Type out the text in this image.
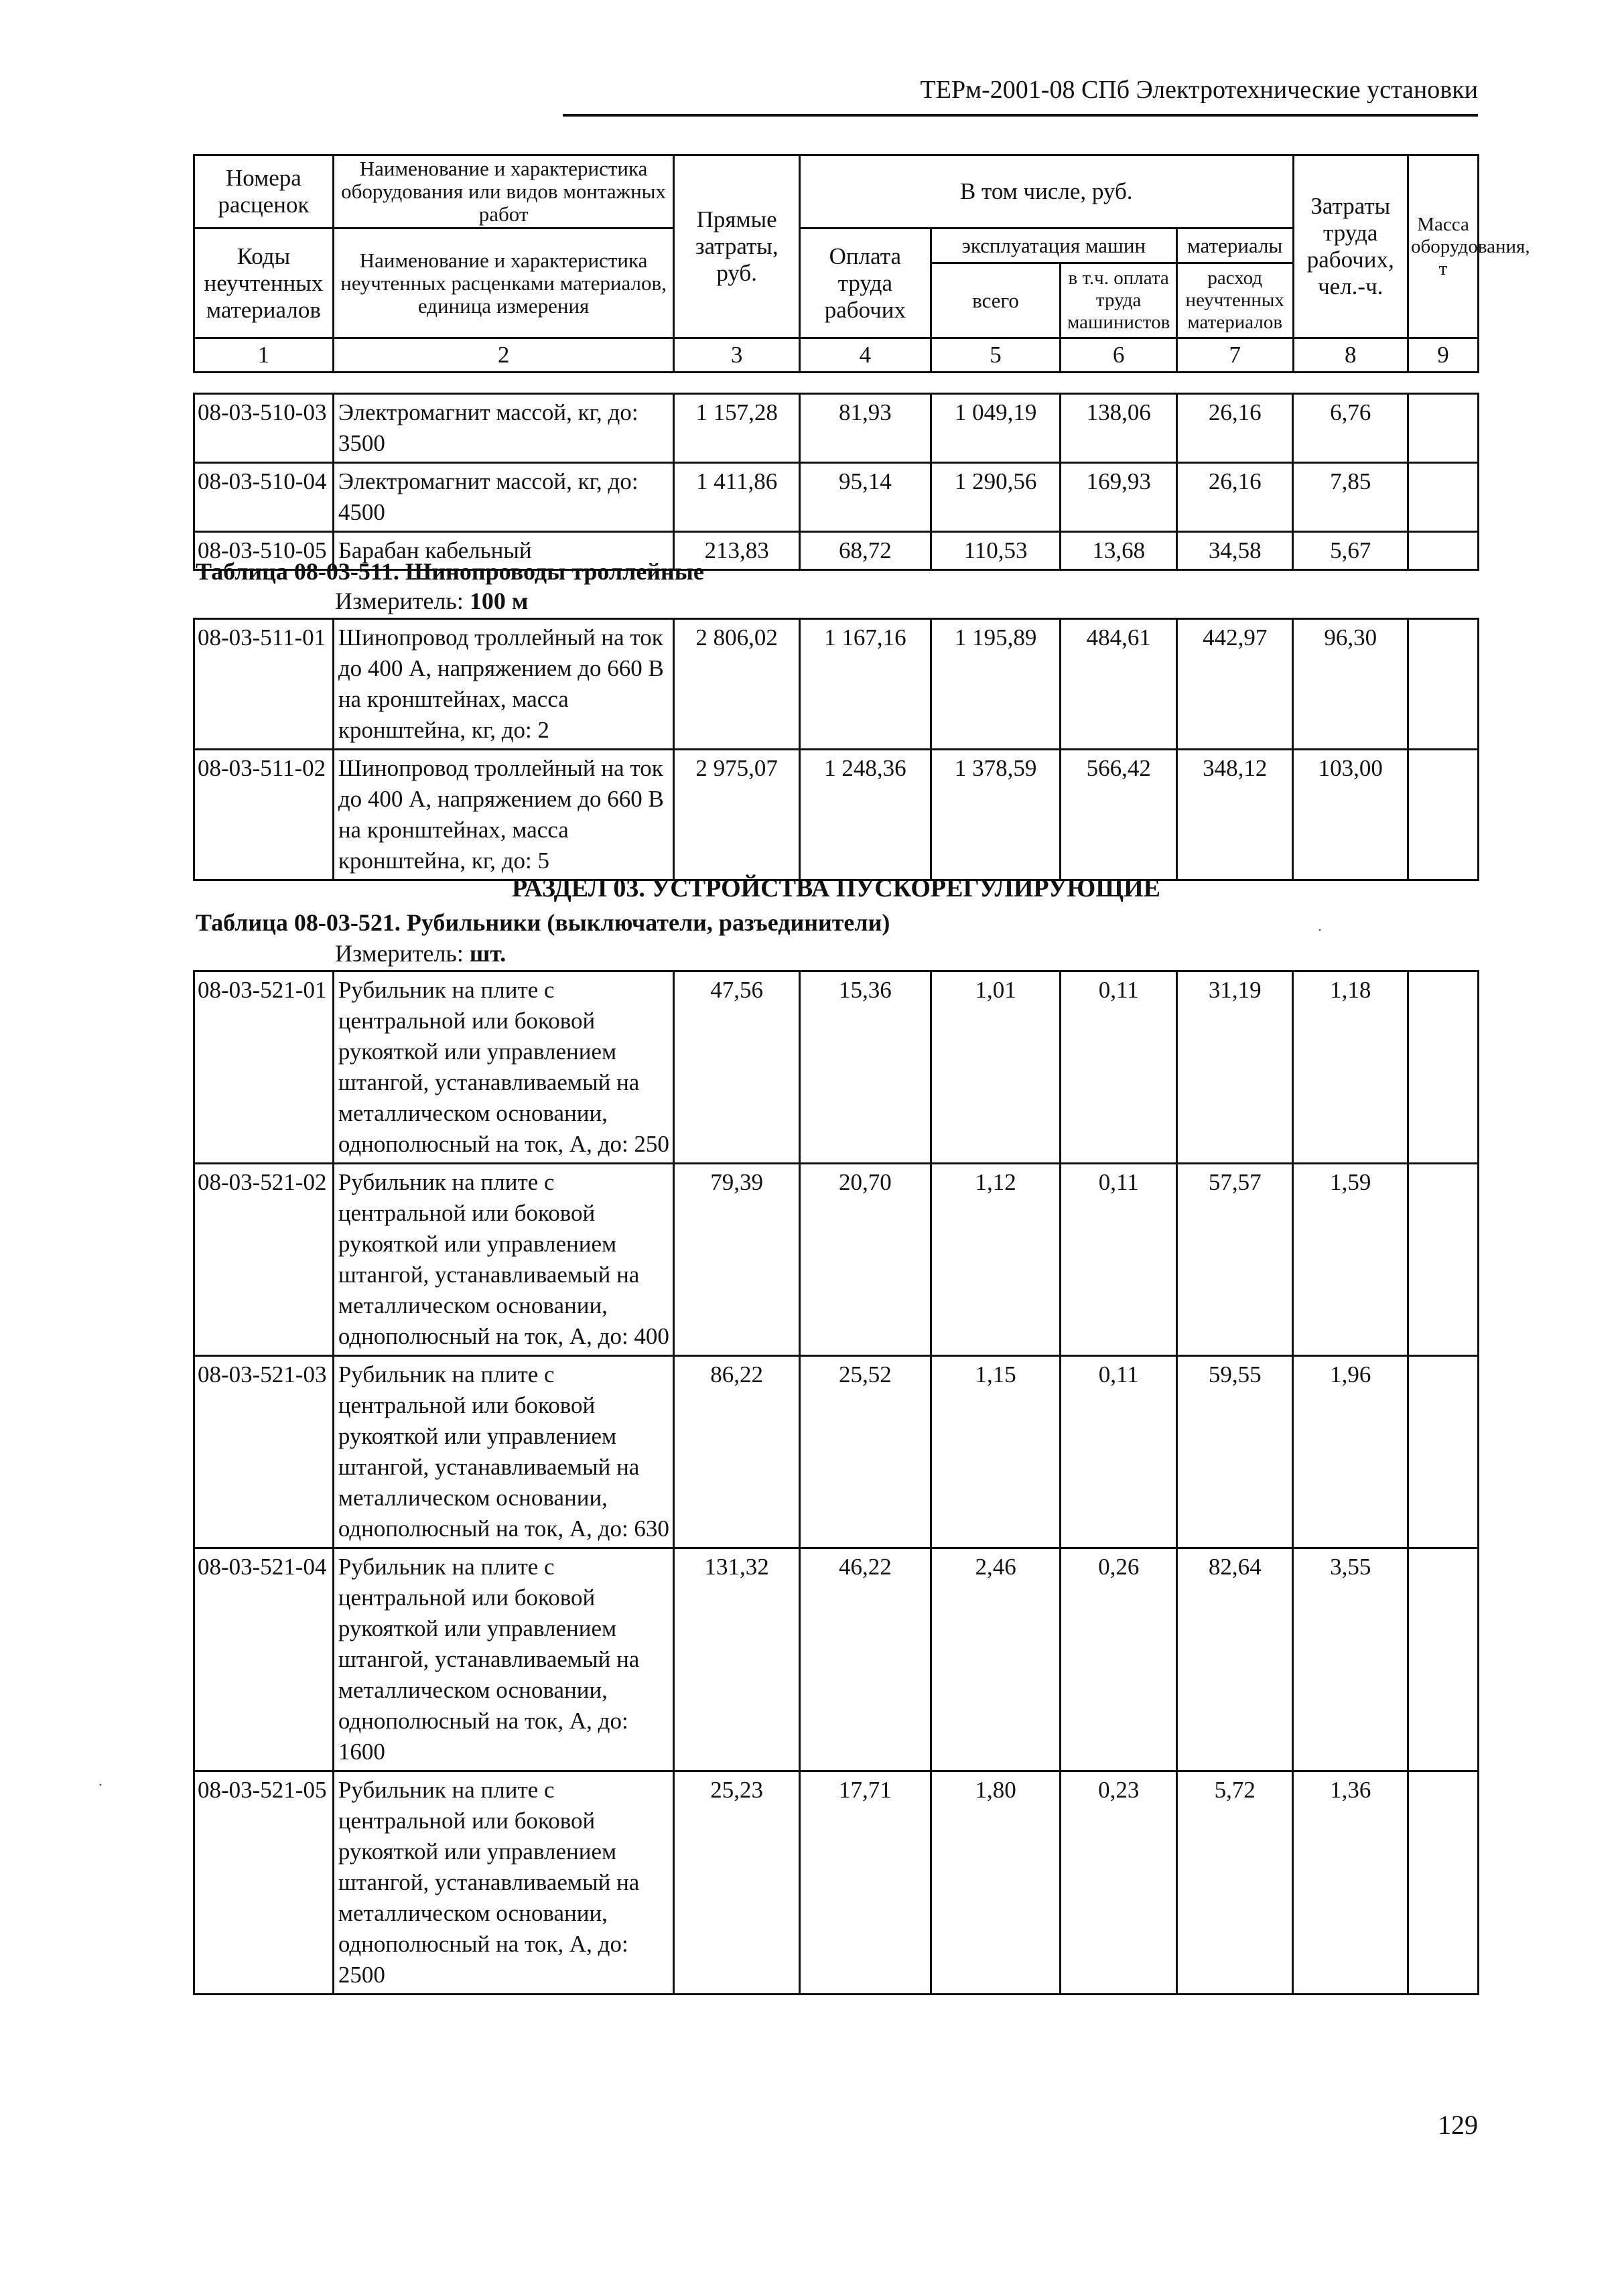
ТЕРм-2001-08 СПб Электротехнические установки
Номера расценок	Наименование и характеристика оборудования или видов монтажных работ	Прямые затраты, руб.	В том числе, руб.				Затраты труда рабочих, чел.-ч.	Масса оборудования, т
Коды неучтенных материалов	Наименование и характеристика неучтенных расценками материалов, единица измерения		Оплата труда рабочих	эксплуатация машин		материалы		
				всего	в т.ч. оплата труда машинистов	расход неучтенных материалов		

1	2	3	4	5	6	7	8	9
08-03-510-03	Электромагнит массой, кг, до: 3500	1 157,28	81,93	1 049,19	138,06	26,16	6,76	
08-03-510-04	Электромагнит массой, кг, до: 4500	1 411,86	95,14	1 290,56	169,93	26,16	7,85	
08-03-510-05	Барабан кабельный	213,83	68,72	110,53	13,68	34,58	5,67	
Таблица 08-03-511. Шинопроводы троллейные
Измеритель: 100 м
08-03-511-01	Шинопровод троллейный на ток до 400 А, напряжением до 660 В на кронштейнах, масса кронштейна, кг, до: 2	2 806,02	1 167,16	1 195,89	484,61	442,97	96,30	
08-03-511-02	Шинопровод троллейный на ток до 400 А, напряжением до 660 В на кронштейнах, масса кронштейна, кг, до: 5	2 975,07	1 248,36	1 378,59	566,42	348,12	103,00	
РАЗДЕЛ 03. УСТРОЙСТВА ПУСКОРЕГУЛИРУЮЩИЕ
Таблица 08-03-521. Рубильники (выключатели, разъединители)
Измеритель: шт.
08-03-521-01	Рубильник на плите с центральной или боковой рукояткой или управлением штангой, устанавливаемый на металлическом основании, однополюсный на ток, А, до: 250	47,56	15,36	1,01	0,11	31,19	1,18	
08-03-521-02	Рубильник на плите с центральной или боковой рукояткой или управлением штангой, устанавливаемый на металлическом основании, однополюсный на ток, А, до: 400	79,39	20,70	1,12	0,11	57,57	1,59	
08-03-521-03	Рубильник на плите с центральной или боковой рукояткой или управлением штангой, устанавливаемый на металлическом основании, однополюсный на ток, А, до: 630	86,22	25,52	1,15	0,11	59,55	1,96	
08-03-521-04	Рубильник на плите с центральной или боковой рукояткой или управлением штангой, устанавливаемый на металлическом основании, однополюсный на ток, А, до: 1600	131,32	46,22	2,46	0,26	82,64	3,55	
08-03-521-05	Рубильник на плите с центральной или боковой рукояткой или управлением штангой, устанавливаемый на металлическом основании, однополюсный на ток, А, до: 2500	25,23	17,71	1,80	0,23	5,72	1,36	
129
·
·
